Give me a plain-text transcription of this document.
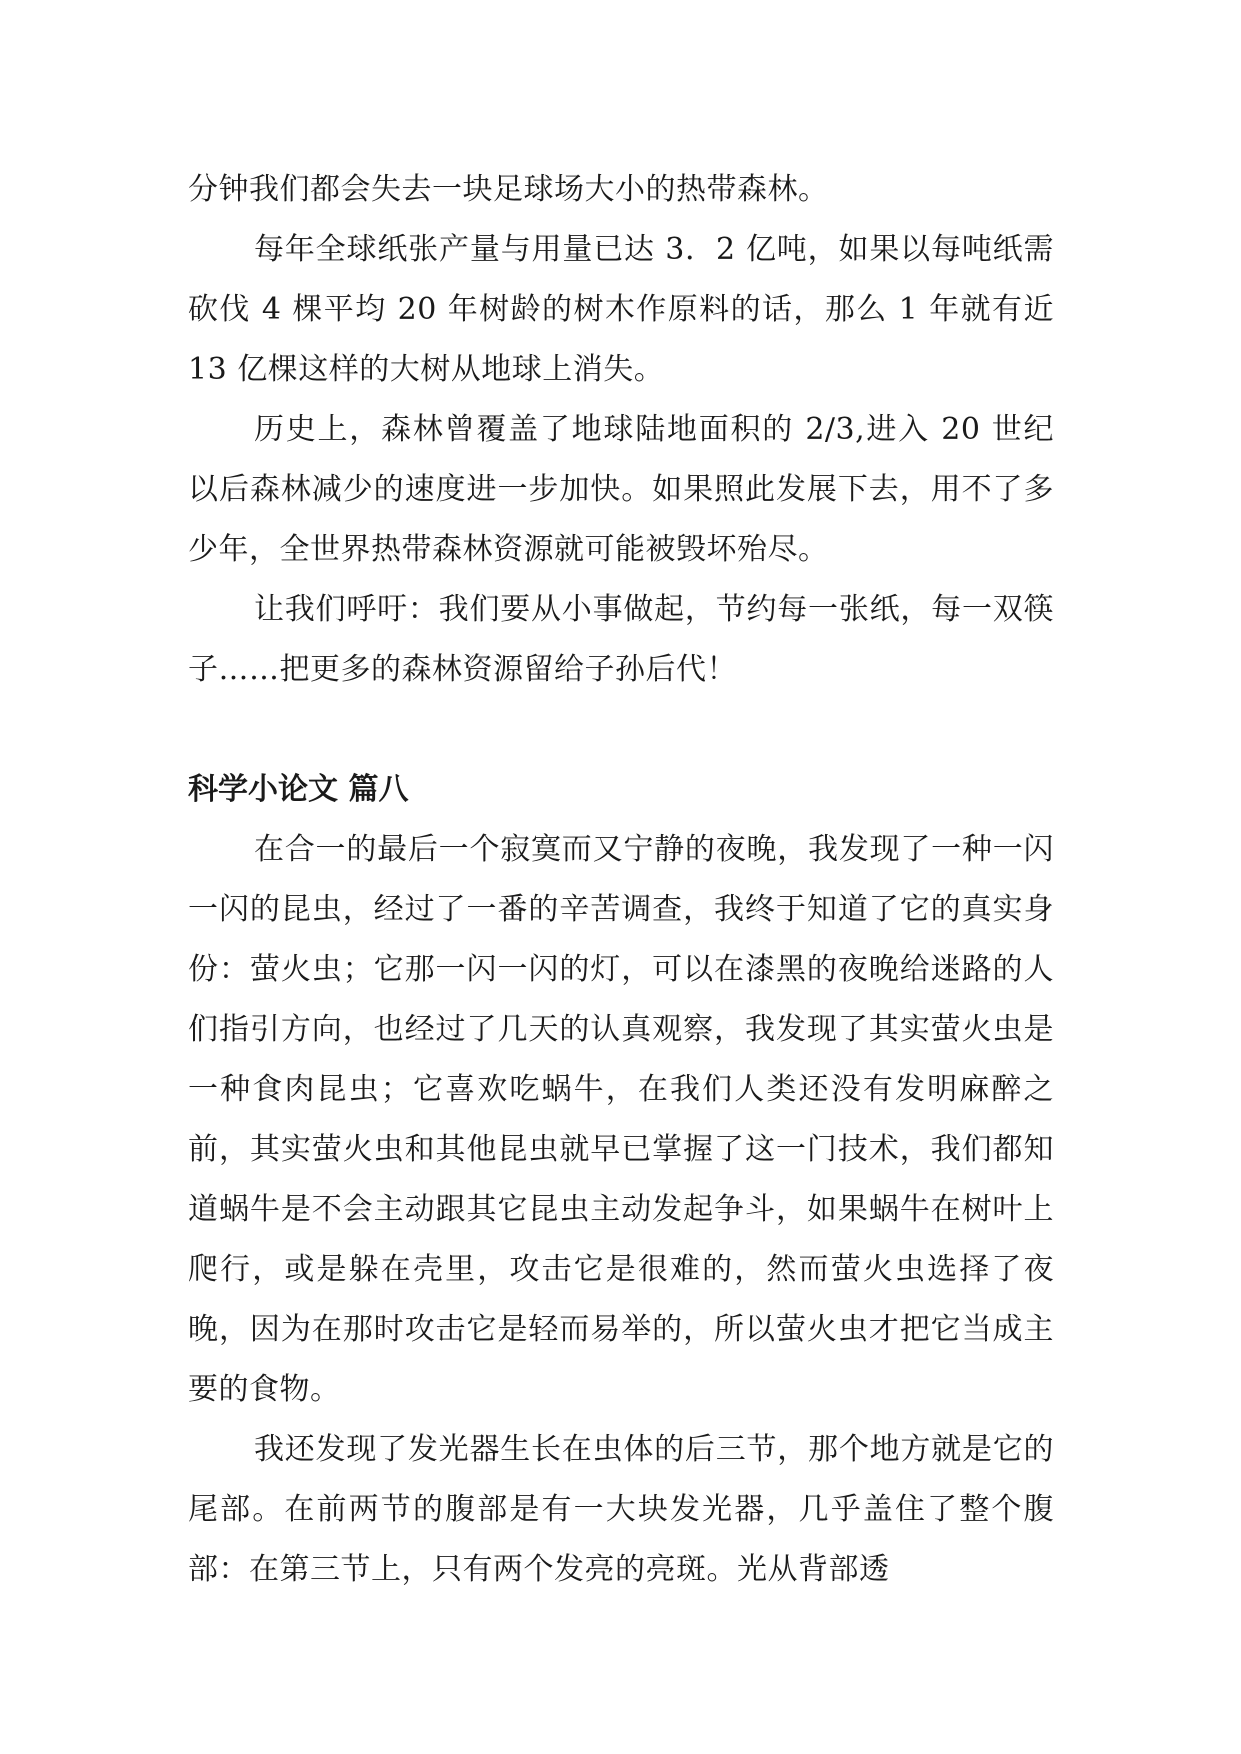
分钟我们都会失去一块足球场大小的热带森林。

每年全球纸张产量与用量已达 3．2 亿吨，如果以每吨纸需砍伐 4 棵平均 20 年树龄的树木作原料的话，那么 1 年就有近 13 亿棵这样的大树从地球上消失。

历史上，森林曾覆盖了地球陆地面积的 2/3,进入 20 世纪以后森林减少的速度进一步加快。如果照此发展下去，用不了多少年，全世界热带森林资源就可能被毁坏殆尽。

让我们呼吁：我们要从小事做起，节约每一张纸，每一双筷子……把更多的森林资源留给子孙后代！

科学小论文 篇八

在合一的最后一个寂寞而又宁静的夜晚，我发现了一种一闪一闪的昆虫，经过了一番的辛苦调查，我终于知道了它的真实身份：萤火虫；它那一闪一闪的灯，可以在漆黑的夜晚给迷路的人们指引方向，也经过了几天的认真观察，我发现了其实萤火虫是一种食肉昆虫；它喜欢吃蜗牛，在我们人类还没有发明麻醉之前，其实萤火虫和其他昆虫就早已掌握了这一门技术，我们都知道蜗牛是不会主动跟其它昆虫主动发起争斗，如果蜗牛在树叶上爬行，或是躲在壳里，攻击它是很难的，然而萤火虫选择了夜晚，因为在那时攻击它是轻而易举的，所以萤火虫才把它当成主要的食物。

我还发现了发光器生长在虫体的后三节，那个地方就是它的尾部。在前两节的腹部是有一大块发光器，几乎盖住了整个腹部：在第三节上，只有两个发亮的亮斑。光从背部透
